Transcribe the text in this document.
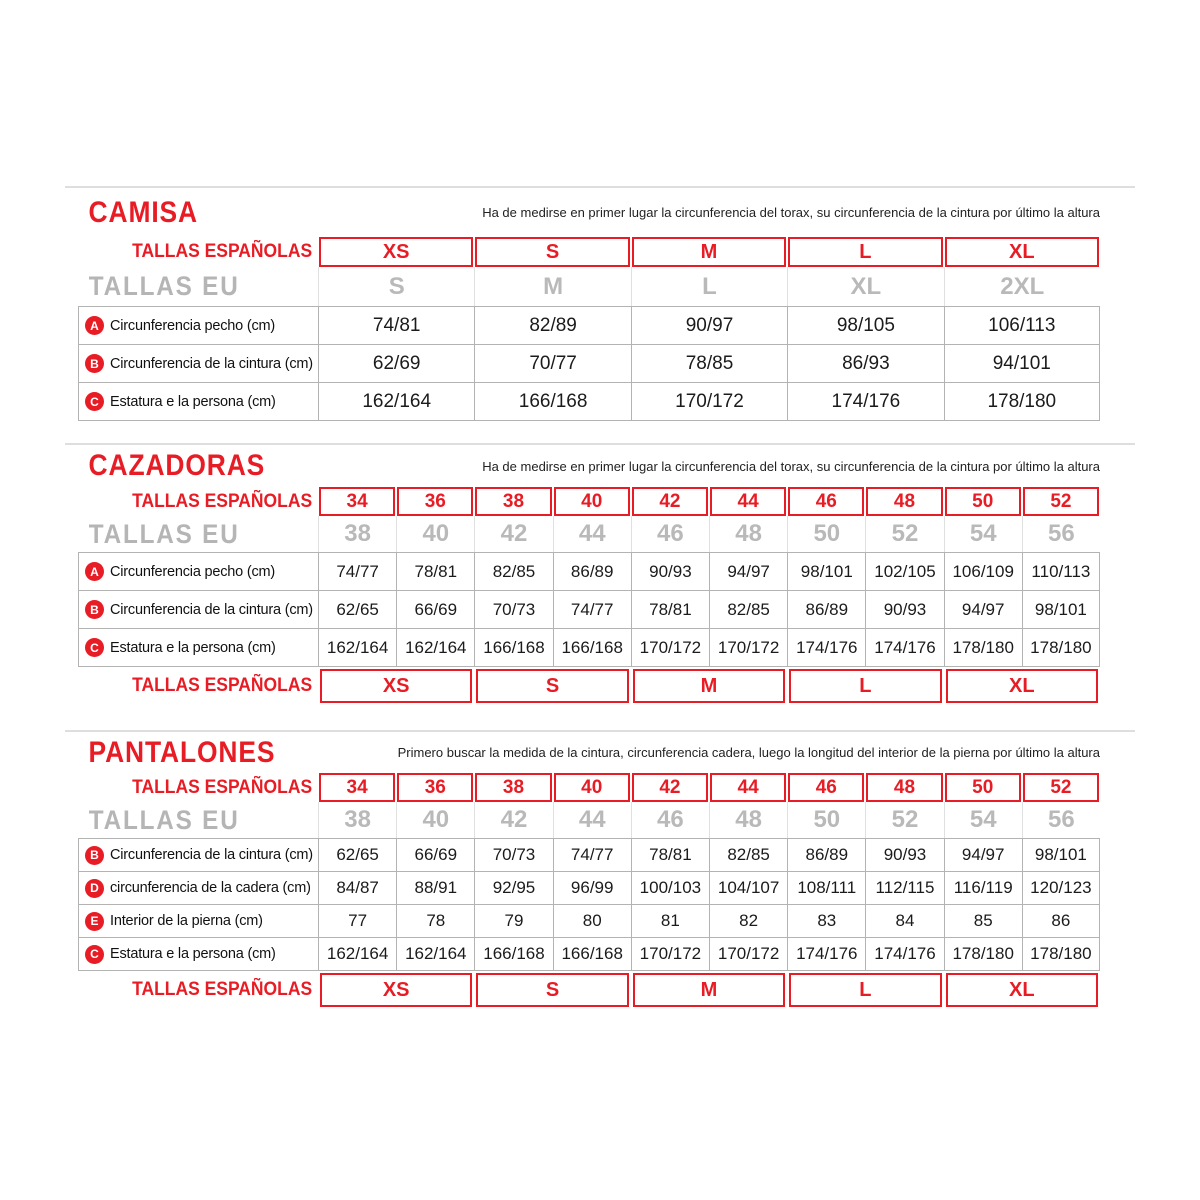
CAMISA	Ha de medirse en primer lugar la circunferencia del torax, su circunferencia de la cintura por último la altura
TALLAS ESPAÑOLAS	XS	S	M	L	XL
TALLAS EU	S	M	L	XL	2XL
A Circunferencia pecho (cm)	74/81	82/89	90/97	98/105	106/113
B Circunferencia de la cintura (cm)	62/69	70/77	78/85	86/93	94/101
C Estatura e la persona (cm)	162/164	166/168	170/172	174/176	178/180
CAZADORAS	Ha de medirse en primer lugar la circunferencia del torax, su circunferencia de la cintura por último la altura
TALLAS ESPAÑOLAS 34	36	38	40	42	44	46	48	50	52
TALLAS EU	38	40	42	44	46	48	50	52	54	56
A Circunferencia pecho (cm)	74/77	78/81	82/85	86/89	90/93	94/97	98/101	102/105 106/109	110/113
B Circunferencia de la cintura (cm)	62/65	66/69	70/73	74/77	78/81	82/85	86/89	90/93	94/97	98/101
C Estatura e la persona (cm)	162/164 162/164 166/168 166/168 170/172 170/172 174/176 174/176 178/180 178/180
TALLAS ESPAÑOLAS	XS	S	M	L	XL
PANTALONES	Primero buscar la medida de la cintura, circunferencia cadera, luego la longitud del interior de la pierna por último la altura
TALLAS ESPAÑOLAS 34	36	38	40	42	44	46	48	50	52
TALLAS EU	38	40	42	44	46	48	50	52	54	56
B Circunferencia de la cintura (cm)	62/65	66/69	70/73	74/77	78/81	82/85	86/89	90/93	94/97	98/101
D circunferencia de la cadera (cm)	84/87	88/91	92/95	96/99	100/103 104/107	108/111	112/115	116/119	120/123
E Interior de la pierna (cm)	77	78	79	80	81	82	83	84	85	86
C Estatura e la persona (cm)	162/164 162/164 166/168 166/168 170/172 170/172 174/176 174/176 178/180 178/180
TALLAS ESPAÑOLAS	XS	S	M	L	XL
